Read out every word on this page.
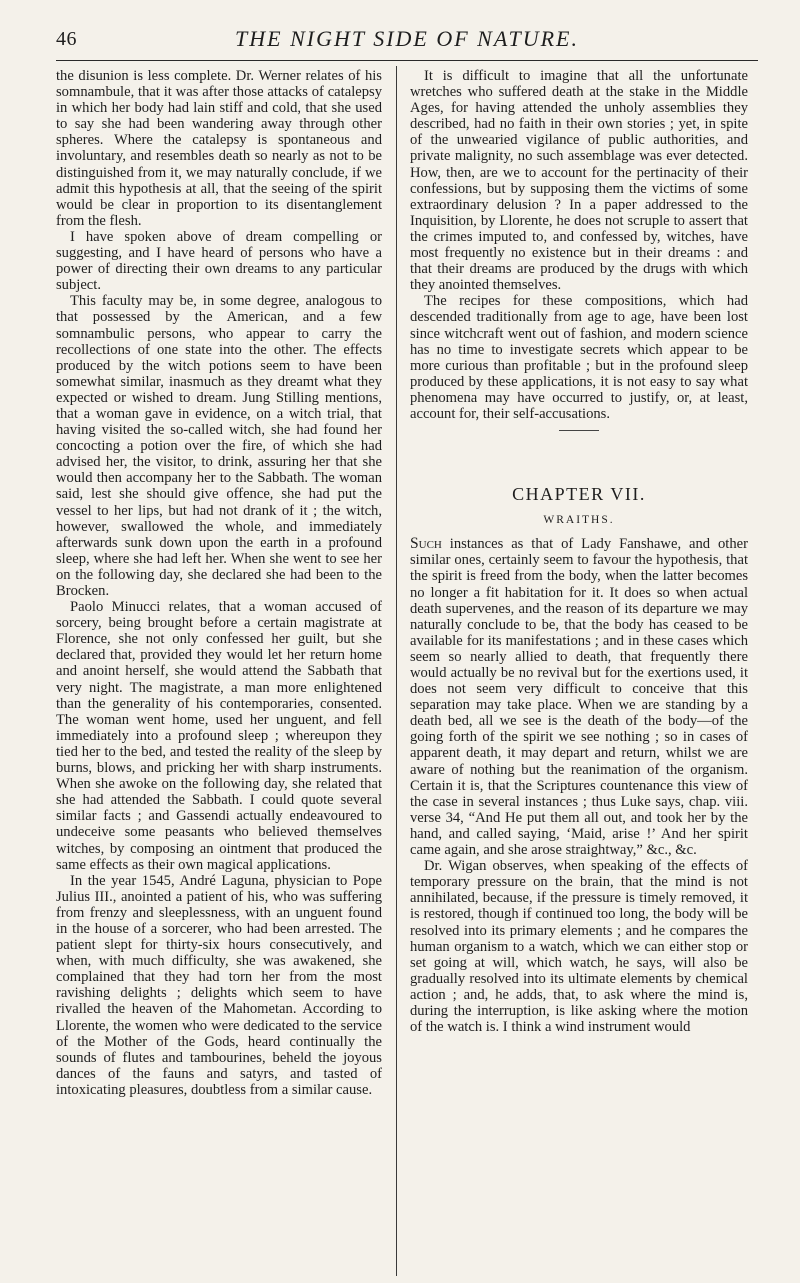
46	THE NIGHT SIDE OF NATURE.

the disunion is less complete. Dr. Werner relates of his somnambule, that it was after those attacks of catalepsy in which her body had lain stiff and cold, that she used to say she had been wandering away through other spheres. Where the catalepsy is spontaneous and involuntary, and resembles death so nearly as not to be distinguished from it, we may naturally conclude, if we admit this hypothesis at all, that the seeing of the spirit would be clear in proportion to its disentanglement from the flesh.

I have spoken above of dream compelling or suggesting, and I have heard of persons who have a power of directing their own dreams to any particular subject.

This faculty may be, in some degree, analogous to that possessed by the American, and a few somnambulic persons, who appear to carry the recollections of one state into the other. The effects produced by the witch potions seem to have been somewhat similar, inasmuch as they dreamt what they expected or wished to dream. Jung Stilling mentions, that a woman gave in evidence, on a witch trial, that having visited the so-called witch, she had found her concocting a potion over the fire, of which she had advised her, the visitor, to drink, assuring her that she would then accompany her to the Sabbath. The woman said, lest she should give offence, she had put the vessel to her lips, but had not drank of it ; the witch, however, swallowed the whole, and immediately afterwards sunk down upon the earth in a profound sleep, where she had left her. When she went to see her on the following day, she declared she had been to the Brocken.

Paolo Minucci relates, that a woman accused of sorcery, being brought before a certain magistrate at Florence, she not only confessed her guilt, but she declared that, provided they would let her return home and anoint herself, she would attend the Sabbath that very night. The magistrate, a man more enlightened than the generality of his contemporaries, consented. The woman went home, used her unguent, and fell immediately into a profound sleep ; whereupon they tied her to the bed, and tested the reality of the sleep by burns, blows, and pricking her with sharp instruments. When she awoke on the following day, she related that she had attended the Sabbath. I could quote several similar facts ; and Gassendi actually endeavoured to undeceive some peasants who believed themselves witches, by composing an ointment that produced the same effects as their own magical applications.

In the year 1545, André Laguna, physician to Pope Julius III., anointed a patient of his, who was suffering from frenzy and sleeplessness, with an unguent found in the house of a sorcerer, who had been arrested. The patient slept for thirty-six hours consecutively, and when, with much difficulty, she was awakened, she complained that they had torn her from the most ravishing delights ; delights which seem to have rivalled the heaven of the Mahometan. According to Llorente, the women who were dedicated to the service of the Mother of the Gods, heard continually the sounds of flutes and tambourines, beheld the joyous dances of the fauns and satyrs, and tasted of intoxicating pleasures, doubtless from a similar cause.

It is difficult to imagine that all the unfortunate wretches who suffered death at the stake in the Middle Ages, for having attended the unholy assemblies they described, had no faith in their own stories ; yet, in spite of the unwearied vigilance of public authorities, and private malignity, no such assemblage was ever detected. How, then, are we to account for the pertinacity of their confessions, but by supposing them the victims of some extraordinary delusion ? In a paper addressed to the Inquisition, by Llorente, he does not scruple to assert that the crimes imputed to, and confessed by, witches, have most frequently no existence but in their dreams : and that their dreams are produced by the drugs with which they anointed themselves.

The recipes for these compositions, which had descended traditionally from age to age, have been lost since witchcraft went out of fashion, and modern science has no time to investigate secrets which appear to be more curious than profitable ; but in the profound sleep produced by these applications, it is not easy to say what phenomena may have occurred to justify, or, at least, account for, their self-accusations.

CHAPTER VII.
WRAITHS.

Such instances as that of Lady Fanshawe, and other similar ones, certainly seem to favour the hypothesis, that the spirit is freed from the body, when the latter becomes no longer a fit habitation for it. It does so when actual death supervenes, and the reason of its departure we may naturally conclude to be, that the body has ceased to be available for its manifestations ; and in these cases which seem so nearly allied to death, that frequently there would actually be no revival but for the exertions used, it does not seem very difficult to conceive that this separation may take place. When we are standing by a death bed, all we see is the death of the body—of the going forth of the spirit we see nothing ; so in cases of apparent death, it may depart and return, whilst we are aware of nothing but the reanimation of the organism. Certain it is, that the Scriptures countenance this view of the case in several instances ; thus Luke says, chap. viii. verse 34, “And He put them all out, and took her by the hand, and called saying, ‘Maid, arise !’ And her spirit came again, and she arose straightway,” &c., &c.

Dr. Wigan observes, when speaking of the effects of temporary pressure on the brain, that the mind is not annihilated, because, if the pressure is timely removed, it is restored, though if continued too long, the body will be resolved into its primary elements ; and he compares the human organism to a watch, which we can either stop or set going at will, which watch, he says, will also be gradually resolved into its ultimate elements by chemical action ; and, he adds, that, to ask where the mind is, during the interruption, is like asking where the motion of the watch is. I think a wind instrument would
